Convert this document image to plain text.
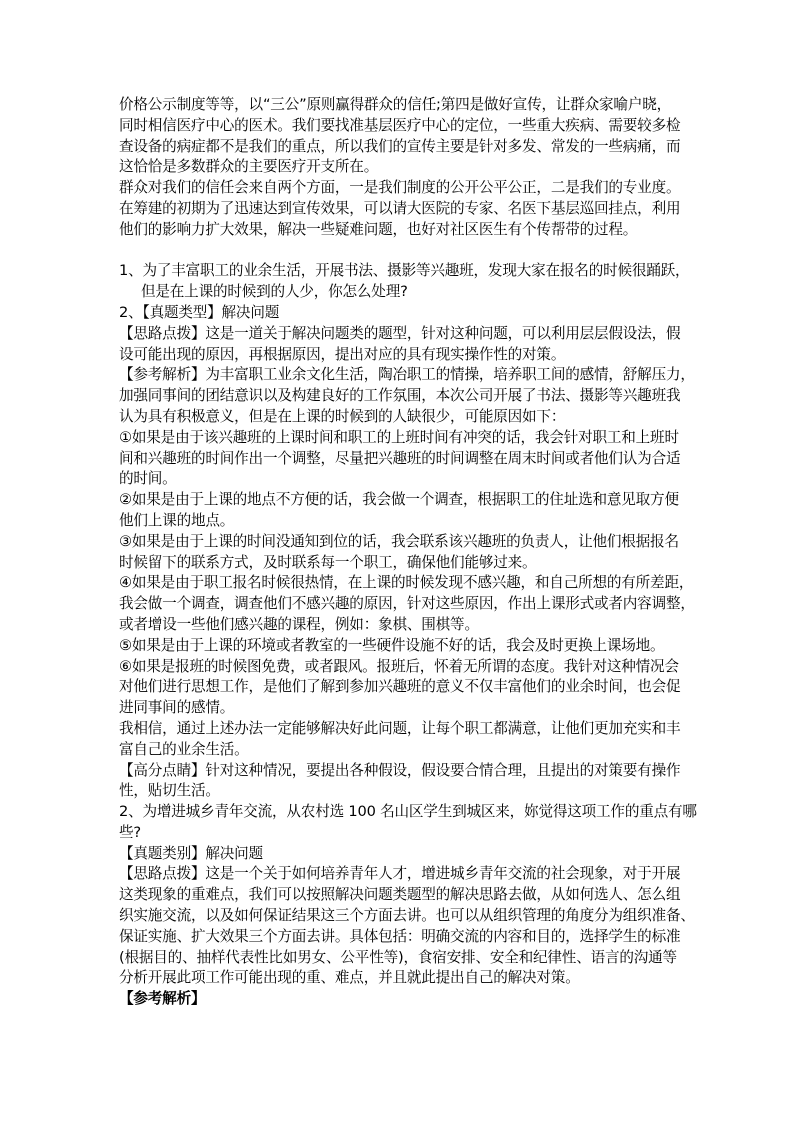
价格公示制度等等，以“三公”原则赢得群众的信任;第四是做好宣传，让群众家喻户晓，
同时相信医疗中心的医术。我们要找准基层医疗中心的定位，一些重大疾病、需要较多检
查设备的病症都不是我们的重点，所以我们的宣传主要是针对多发、常发的一些病痛，而
这恰恰是多数群众的主要医疗开支所在。
群众对我们的信任会来自两个方面，一是我们制度的公开公平公正，二是我们的专业度。
在筹建的初期为了迅速达到宣传效果，可以请大医院的专家、名医下基层巡回挂点，利用
他们的影响力扩大效果，解决一些疑难问题，也好对社区医生有个传帮带的过程。
1、为了丰富职工的业余生活，开展书法、摄影等兴趣班，发现大家在报名的时候很踊跃，
但是在上课的时候到的人少，你怎么处理?
2、【真题类型】解决问题
【思路点拨】这是一道关于解决问题类的题型，针对这种问题，可以利用层层假设法，假
设可能出现的原因，再根据原因，提出对应的具有现实操作性的对策。
【参考解析】为丰富职工业余文化生活，陶冶职工的情操，培养职工间的感情，舒解压力，
加强同事间的团结意识以及构建良好的工作氛围，本次公司开展了书法、摄影等兴趣班我
认为具有积极意义，但是在上课的时候到的人缺很少，可能原因如下：
①如果是由于该兴趣班的上课时间和职工的上班时间有冲突的话，我会针对职工和上班时
间和兴趣班的时间作出一个调整，尽量把兴趣班的时间调整在周末时间或者他们认为合适
的时间。
②如果是由于上课的地点不方便的话，我会做一个调查，根据职工的住址选和意见取方便
他们上课的地点。
③如果是由于上课的时间没通知到位的话，我会联系该兴趣班的负责人，让他们根据报名
时候留下的联系方式，及时联系每一个职工，确保他们能够过来。
④如果是由于职工报名时候很热情，在上课的时候发现不感兴趣，和自己所想的有所差距，
我会做一个调查，调查他们不感兴趣的原因，针对这些原因，作出上课形式或者内容调整，
或者增设一些他们感兴趣的课程，例如：象棋、围棋等。
⑤如果是由于上课的环境或者教室的一些硬件设施不好的话，我会及时更换上课场地。
⑥如果是报班的时候图免费，或者跟风。报班后，怀着无所谓的态度。我针对这种情况会
对他们进行思想工作，是他们了解到参加兴趣班的意义不仅丰富他们的业余时间，也会促
进同事间的感情。
我相信，通过上述办法一定能够解决好此问题，让每个职工都满意，让他们更加充实和丰
富自己的业余生活。
【高分点睛】针对这种情况，要提出各种假设，假设要合情合理，且提出的对策要有操作
性，贴切生活。
2、为增进城乡青年交流，从农村选 100 名山区学生到城区来，妳觉得这项工作的重点有哪
些?
【真题类别】解决问题
【思路点拨】这是一个关于如何培养青年人才，增进城乡青年交流的社会现象，对于开展
这类现象的重难点，我们可以按照解决问题类题型的解决思路去做，从如何选人、怎么组
织实施交流，以及如何保证结果这三个方面去讲。也可以从组织管理的角度分为组织准备、
保证实施、扩大效果三个方面去讲。具体包括：明确交流的内容和目的，选择学生的标准
(根据目的、抽样代表性比如男女、公平性等)，食宿安排、安全和纪律性、语言的沟通等
分析开展此项工作可能出现的重、难点，并且就此提出自己的解决对策。
【参考解析】
